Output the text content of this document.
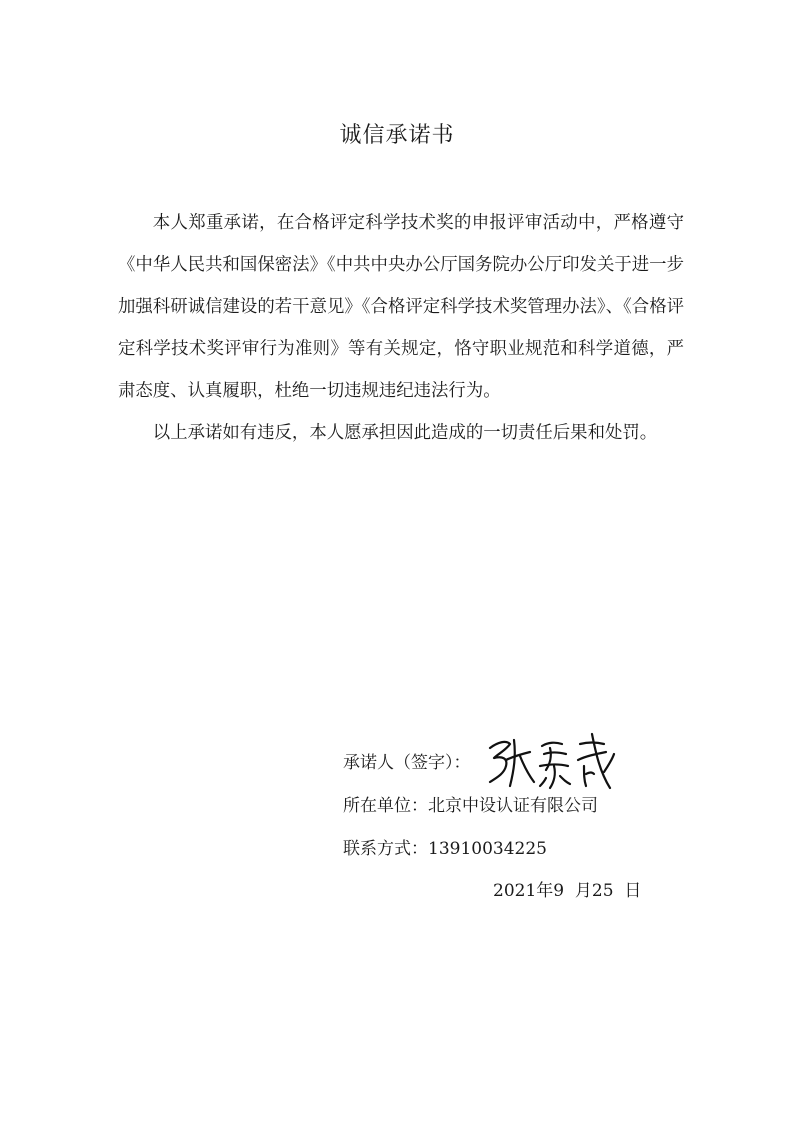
诚信承诺书

本人郑重承诺，在合格评定科学技术奖的申报评审活动中，严格遵守《中华人民共和国保密法》《中共中央办公厅国务院办公厅印发关于进一步加强科研诚信建设的若干意见》《合格评定科学技术奖管理办法》、《合格评定科学技术奖评审行为准则》等有关规定，恪守职业规范和科学道德，严肃态度、认真履职，杜绝一切违规违纪违法行为。

以上承诺如有违反，本人愿承担因此造成的一切责任后果和处罚。

承诺人（签字）：
所在单位：北京中设认证有限公司
联系方式：13910034225
2021年9  月25  日
